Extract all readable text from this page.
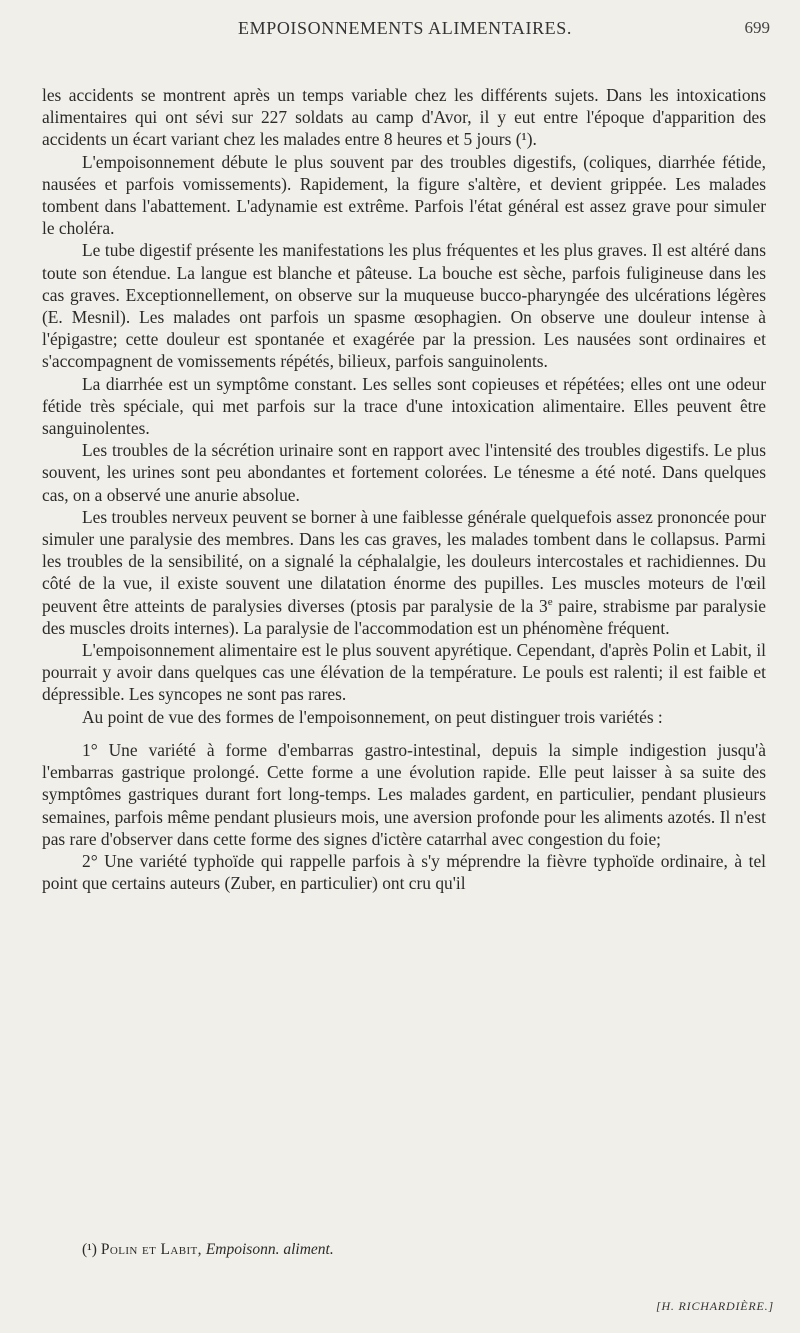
EMPOISONNEMENTS ALIMENTAIRES.	699

les accidents se montrent après un temps variable chez les différents sujets. Dans les intoxications alimentaires qui ont sévi sur 227 soldats au camp d'Avor, il y eut entre l'époque d'apparition des accidents un écart variant chez les malades entre 8 heures et 5 jours (¹).

L'empoisonnement débute le plus souvent par des troubles digestifs, (coliques, diarrhée fétide, nausées et parfois vomissements). Rapidement, la figure s'altère, et devient grippée. Les malades tombent dans l'abattement. L'adynamie est extrême. Parfois l'état général est assez grave pour simuler le choléra.

Le tube digestif présente les manifestations les plus fréquentes et les plus graves. Il est altéré dans toute son étendue. La langue est blanche et pâteuse. La bouche est sèche, parfois fuligineuse dans les cas graves. Exceptionnellement, on observe sur la muqueuse bucco-pharyngée des ulcérations légères (E. Mesnil). Les malades ont parfois un spasme œsophagien. On observe une douleur intense à l'épigastre; cette douleur est spontanée et exagérée par la pression. Les nausées sont ordinaires et s'accompagnent de vomissements répétés, bilieux, parfois sanguinolents.

La diarrhée est un symptôme constant. Les selles sont copieuses et répétées; elles ont une odeur fétide très spéciale, qui met parfois sur la trace d'une intoxication alimentaire. Elles peuvent être sanguinolentes.

Les troubles de la sécrétion urinaire sont en rapport avec l'intensité des troubles digestifs. Le plus souvent, les urines sont peu abondantes et fortement colorées. Le ténesme a été noté. Dans quelques cas, on a observé une anurie absolue.

Les troubles nerveux peuvent se borner à une faiblesse générale quelquefois assez prononcée pour simuler une paralysie des membres. Dans les cas graves, les malades tombent dans le collapsus. Parmi les troubles de la sensibilité, on a signalé la céphalalgie, les douleurs intercostales et rachidiennes. Du côté de la vue, il existe souvent une dilatation énorme des pupilles. Les muscles moteurs de l'œil peuvent être atteints de paralysies diverses (ptosis par paralysie de la 3e paire, strabisme par paralysie des muscles droits internes). La paralysie de l'accommodation est un phénomène fréquent.

L'empoisonnement alimentaire est le plus souvent apyrétique. Cependant, d'après Polin et Labit, il pourrait y avoir dans quelques cas une élévation de la température. Le pouls est ralenti; il est faible et dépressible. Les syncopes ne sont pas rares.

Au point de vue des formes de l'empoisonnement, on peut distinguer trois variétés :

1° Une variété à forme d'embarras gastro-intestinal, depuis la simple indigestion jusqu'à l'embarras gastrique prolongé. Cette forme a une évolution rapide. Elle peut laisser à sa suite des symptômes gastriques durant fort long-temps. Les malades gardent, en particulier, pendant plusieurs semaines, parfois même pendant plusieurs mois, une aversion profonde pour les aliments azotés. Il n'est pas rare d'observer dans cette forme des signes d'ictère catarrhal avec congestion du foie;

2° Une variété typhoïde qui rappelle parfois à s'y méprendre la fièvre typhoïde ordinaire, à tel point que certains auteurs (Zuber, en particulier) ont cru qu'il

(¹) Polin et Labit, Empoisonn. aliment.
[H. RICHARDIÈRE.]
